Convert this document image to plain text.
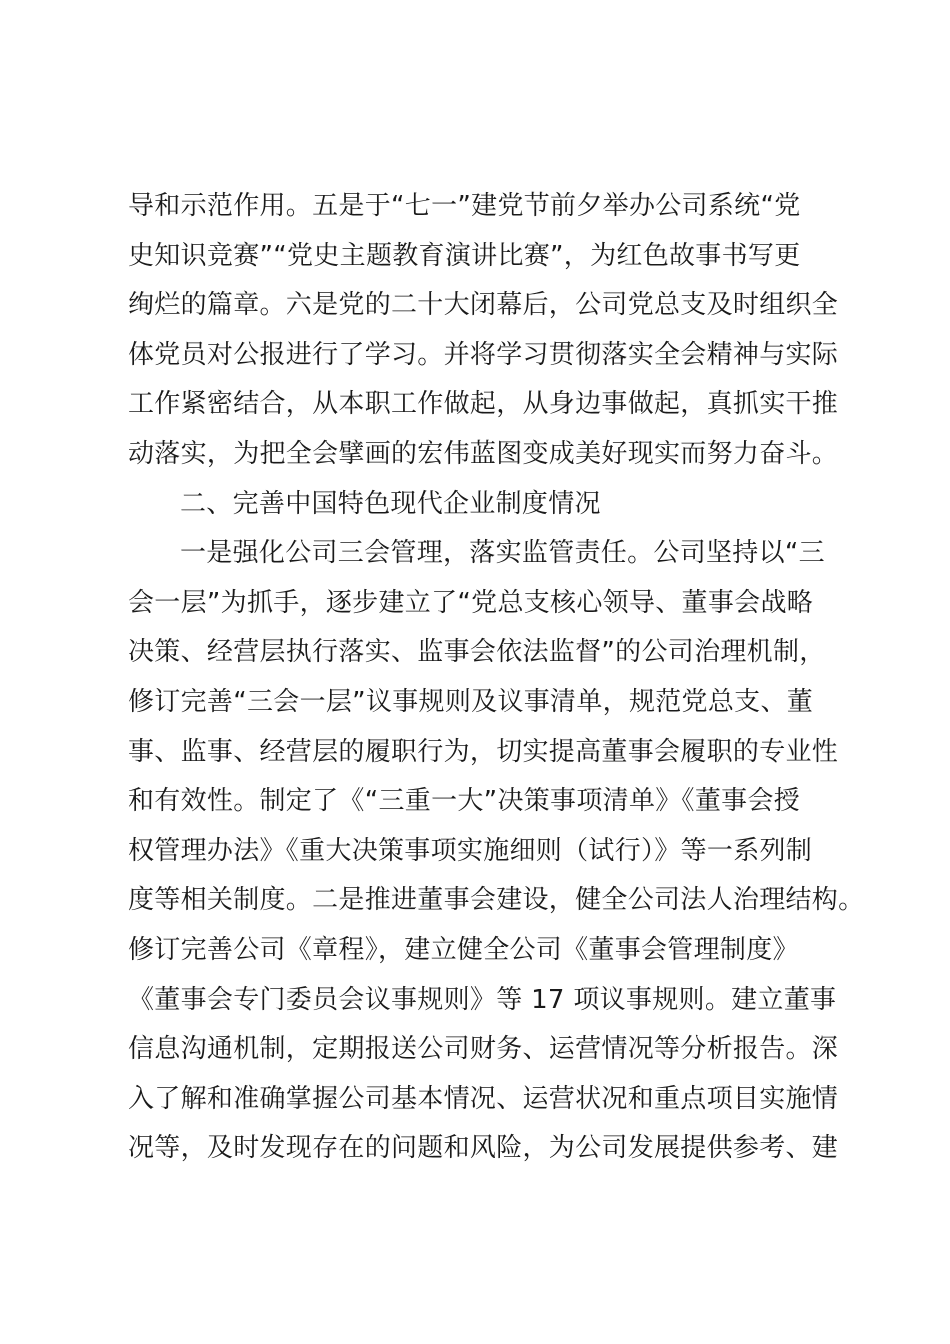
导和示范作用。五是于“七一”建党节前夕举办公司系统“党
史知识竞赛”“党史主题教育演讲比赛”，为红色故事书写更
绚烂的篇章。六是党的二十大闭幕后，公司党总支及时组织全
体党员对公报进行了学习。并将学习贯彻落实全会精神与实际
工作紧密结合，从本职工作做起，从身边事做起，真抓实干推
动落实，为把全会擘画的宏伟蓝图变成美好现实而努力奋斗。
二、完善中国特色现代企业制度情况
一是强化公司三会管理，落实监管责任。公司坚持以“三
会一层”为抓手，逐步建立了“党总支核心领导、董事会战略
决策、经营层执行落实、监事会依法监督”的公司治理机制，
修订完善“三会一层”议事规则及议事清单，规范党总支、董
事、监事、经营层的履职行为，切实提高董事会履职的专业性
和有效性。制定了《“三重一大”决策事项清单》《董事会授
权管理办法》《重大决策事项实施细则（试行）》等一系列制
度等相关制度。二是推进董事会建设，健全公司法人治理结构。
修订完善公司《章程》，建立健全公司《董事会管理制度》
《董事会专门委员会议事规则》等 17 项议事规则。建立董事
信息沟通机制，定期报送公司财务、运营情况等分析报告。深
入了解和准确掌握公司基本情况、运营状况和重点项目实施情
况等，及时发现存在的问题和风险，为公司发展提供参考、建
